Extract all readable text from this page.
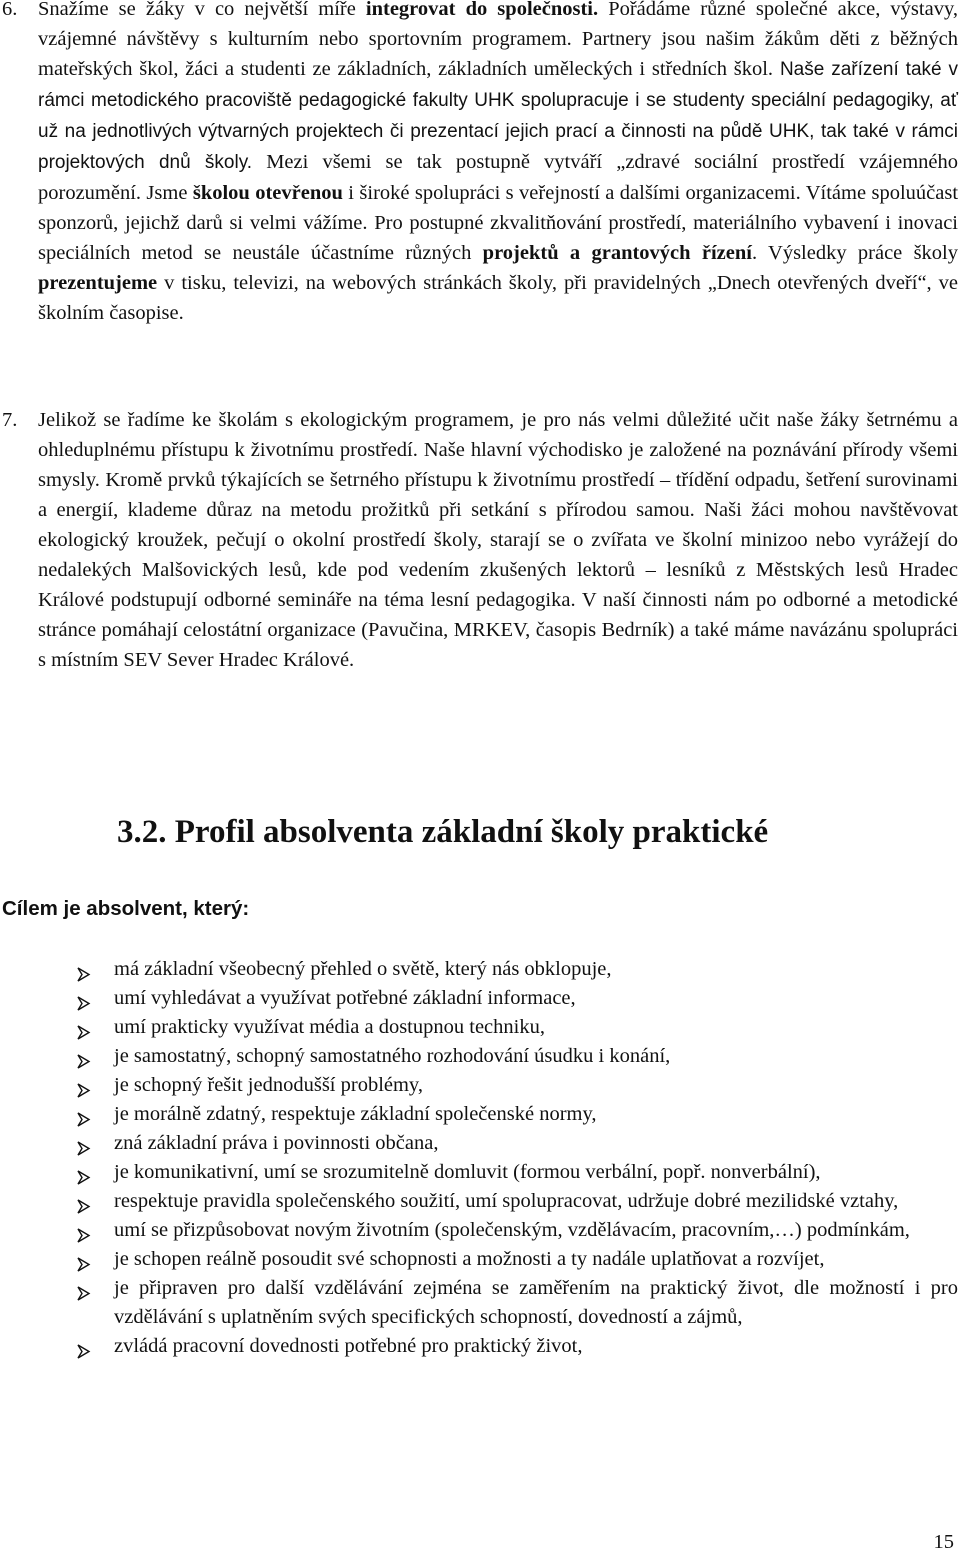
6. Snažíme se žáky v co největší míře integrovat do společnosti. Pořádáme různé společné akce, výstavy, vzájemné návštěvy s kulturním nebo sportovním programem. Partnery jsou našim žákům děti z běžných mateřských škol, žáci a studenti ze základních, základních uměleckých i středních škol. Naše zařízení také v rámci metodického pracoviště pedagogické fakulty UHK spolupracuje i se studenty speciální pedagogiky, ať už na jednotlivých výtvarných projektech či prezentací jejich prací a činnosti na půdě UHK, tak také v rámci projektových dnů školy. Mezi všemi se tak postupně vytváří „zdravé sociální prostředí vzájemného porozumění. Jsme školou otevřenou i široké spolupráci s veřejností a dalšími organizacemi. Vítáme spoluúčast sponzorů, jejichž darů si velmi vážíme. Pro postupné zkvalitňování prostředí, materiálního vybavení i inovaci speciálních metod se neustále účastníme různých projektů a grantových řízení. Výsledky práce školy prezentujeme v tisku, televizi, na webových stránkách školy, při pravidelných „Dnech otevřených dveří“, ve školním časopise.
7. Jelikož se řadíme ke školám s ekologickým programem, je pro nás velmi důležité učit naše žáky šetrnému a ohleduplnému přístupu k životnímu prostředí. Naše hlavní východisko je založené na poznávání přírody všemi smysly. Kromě prvků týkajících se šetrného přístupu k životnímu prostředí – třídění odpadu, šetření surovinami a energií, klademe důraz na metodu prožitků při setkání s přírodou samou. Naši žáci mohou navštěvovat ekologický kroužek, pečují o okolní prostředí školy, starají se o zvířata ve školní minizoo nebo vyrážejí do nedalekých Malšovických lesů, kde pod vedením zkušených lektorů – lesníků z Městských lesů Hradec Králové podstupují odborné semináře na téma lesní pedagogika. V naší činnosti nám po odborné a metodické stránce pomáhají celostátní organizace (Pavučina, MRKEV, časopis Bedrník) a také máme navázánu spolupráci s místním SEV Sever Hradec Králové.
3.2. Profil absolventa základní školy praktické
Cílem je absolvent, který:
má základní všeobecný přehled o světě, který nás obklopuje,
umí vyhledávat a využívat potřebné základní informace,
umí prakticky využívat média a dostupnou techniku,
je samostatný, schopný samostatného rozhodování úsudku i konání,
je schopný řešit jednodušší problémy,
je morálně zdatný, respektuje základní společenské normy,
zná základní práva i povinnosti občana,
je komunikativní, umí se srozumitelně domluvit (formou verbální, popř. nonverbální),
respektuje pravidla společenského soužití, umí spolupracovat, udržuje dobré mezilidské vztahy,
umí se přizpůsobovat novým životním (společenským, vzdělávacím, pracovním,…) podmínkám,
je schopen reálně posoudit své schopnosti a možnosti a ty nadále uplatňovat a rozvíjet,
je připraven pro další vzdělávání zejména se zaměřením na praktický život, dle možností i pro vzdělávání s uplatněním svých specifických schopností, dovedností a zájmů,
zvládá pracovní dovednosti potřebné pro praktický život,
15
